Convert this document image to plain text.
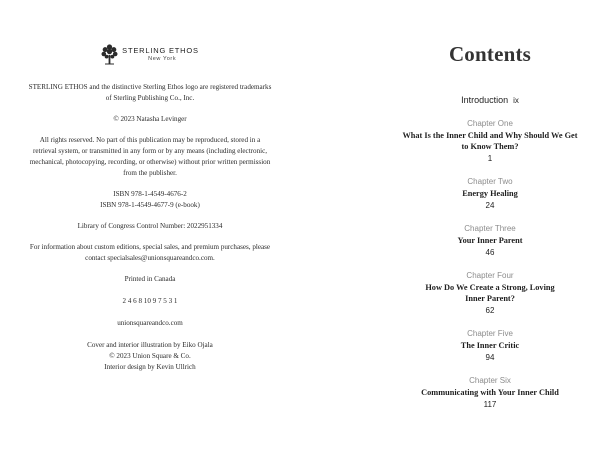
STERLING ETHOS
New York

STERLING ETHOS and the distinctive Sterling Ethos logo are registered trademarks of Sterling Publishing Co., Inc.

© 2023 Natasha Levinger

All rights reserved. No part of this publication may be reproduced, stored in a retrieval system, or transmitted in any form or by any means (including electronic, mechanical, photocopying, recording, or otherwise) without prior written permission from the publisher.

ISBN 978-1-4549-4676-2
ISBN 978-1-4549-4677-9 (e-book)

Library of Congress Control Number: 2022951334

For information about custom editions, special sales, and premium purchases, please contact specialsales@unionsquareandco.com.

Printed in Canada

2 4 6 8 10 9 7 5 3 1

unionsquareandco.com

Cover and interior illustration by Eiko Ojala
© 2023 Union Square & Co.
Interior design by Kevin Ullrich

Contents
Introduction ix
Chapter One
What Is the Inner Child and Why Should We Get to Know Them?
1
Chapter Two
Energy Healing
24
Chapter Three
Your Inner Parent
46
Chapter Four
How Do We Create a Strong, Loving Inner Parent?
62
Chapter Five
The Inner Critic
94
Chapter Six
Communicating with Your Inner Child
117
